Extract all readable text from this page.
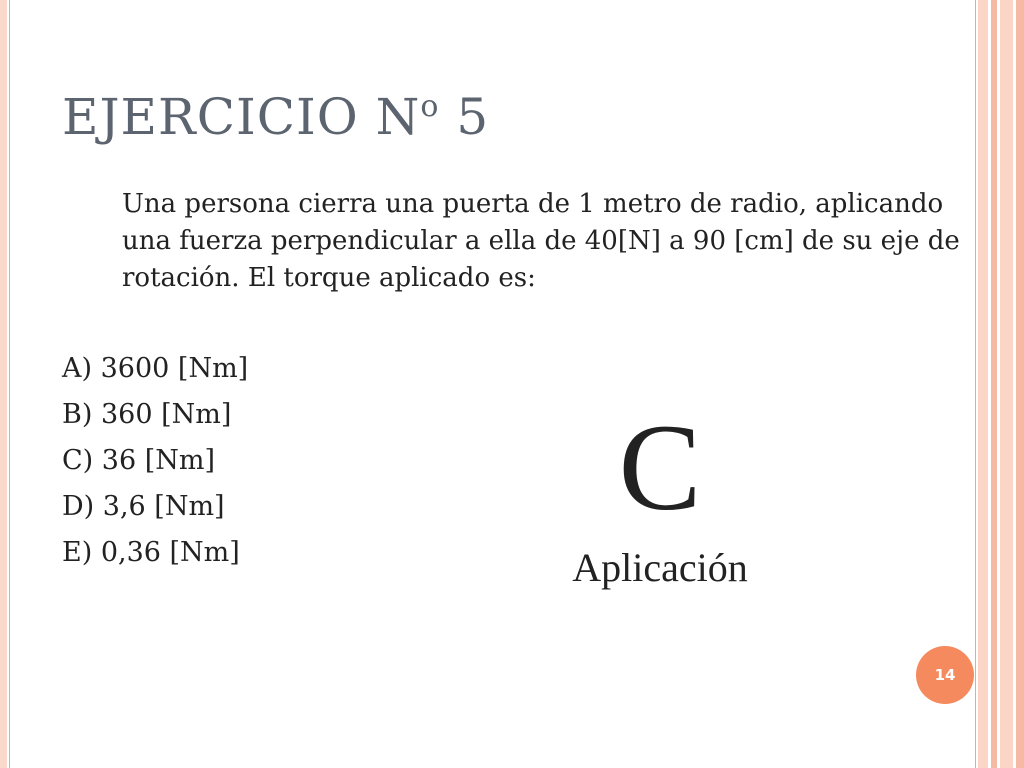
EJERCICIO $N^o$ 5
Una persona cierra una puerta de 1 metro de radio, aplicando una fuerza perpendicular a ella de 40[N] a 90 [cm] de su eje de rotación. El torque aplicado es:
A) 3600 [Nm]
B) 360 [Nm]
C) 36 [Nm]
D) 3,6 [Nm]
E) 0,36 [Nm]
C
Aplicación
14
